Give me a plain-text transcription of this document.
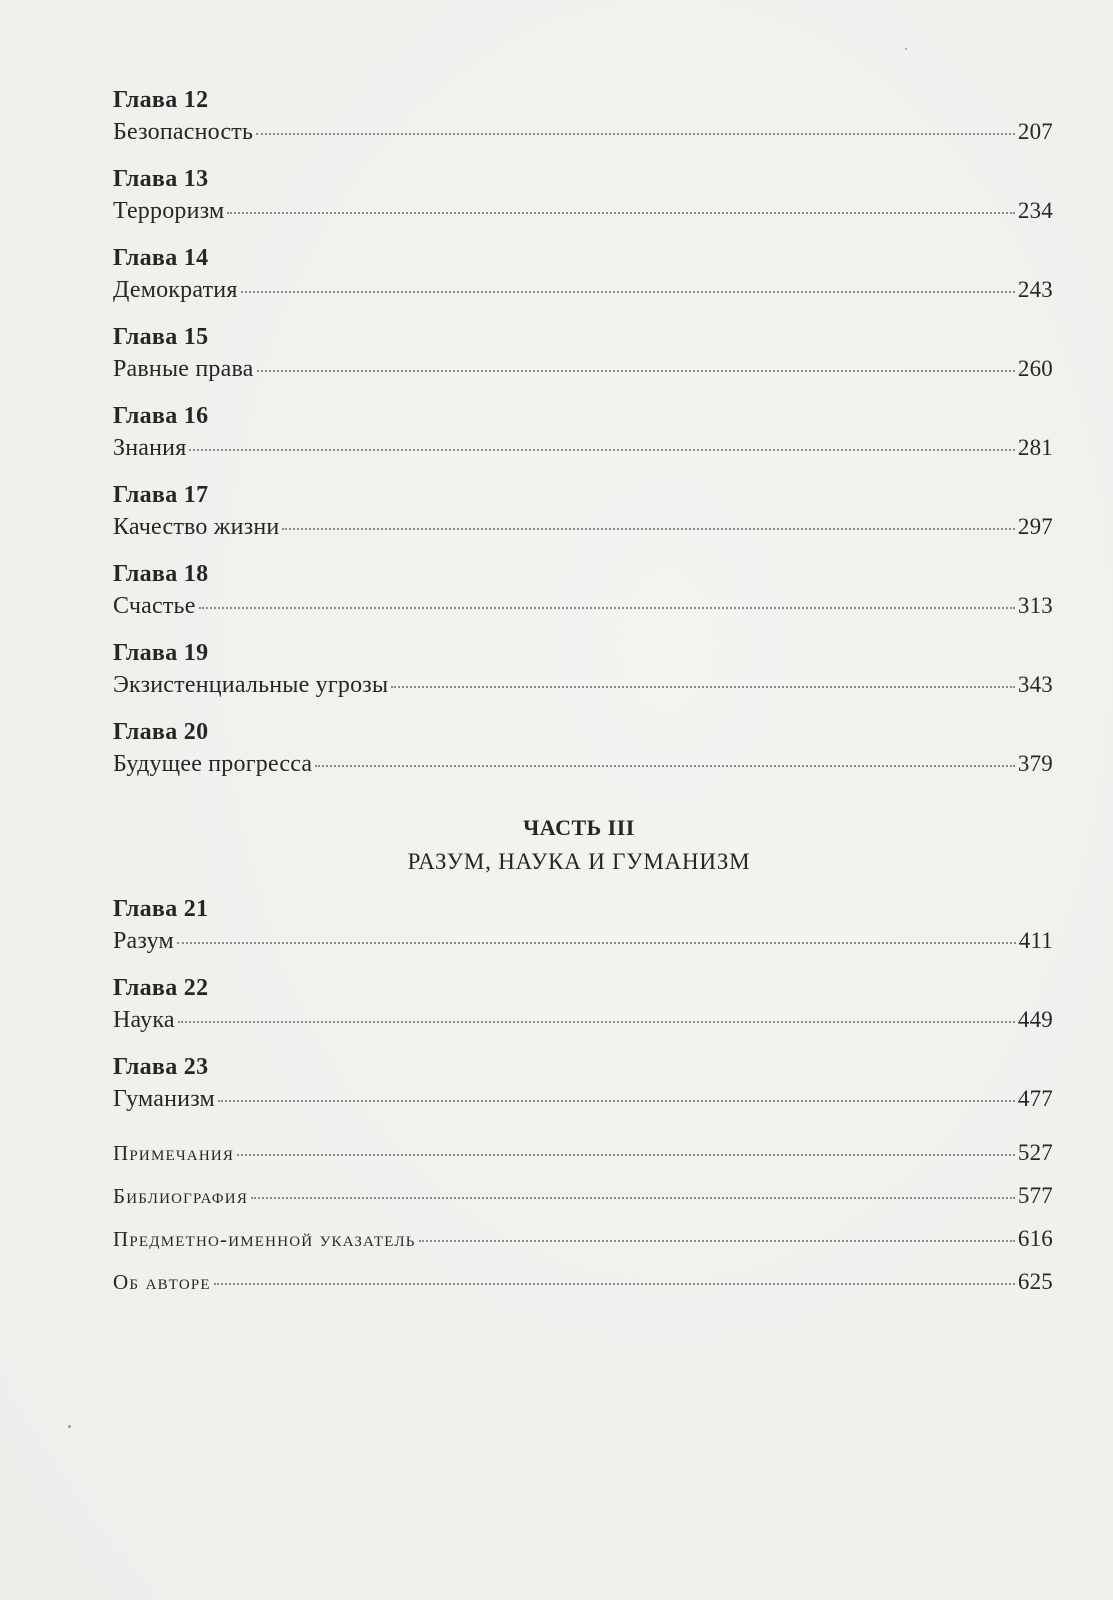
Глава 12
Безопасность	207
Глава 13
Терроризм	234
Глава 14
Демократия	243
Глава 15
Равные права	260
Глава 16
Знания	281
Глава 17
Качество жизни	297
Глава 18
Счастье	313
Глава 19
Экзистенциальные угрозы	343
Глава 20
Будущее прогресса	379
ЧАСТЬ III
РАЗУМ, НАУКА И ГУМАНИЗМ
Глава 21
Разум	411
Глава 22
Наука	449
Глава 23
Гуманизм	477
Примечания	527
Библиография	577
Предметно-именной указатель	616
Об авторе	625
